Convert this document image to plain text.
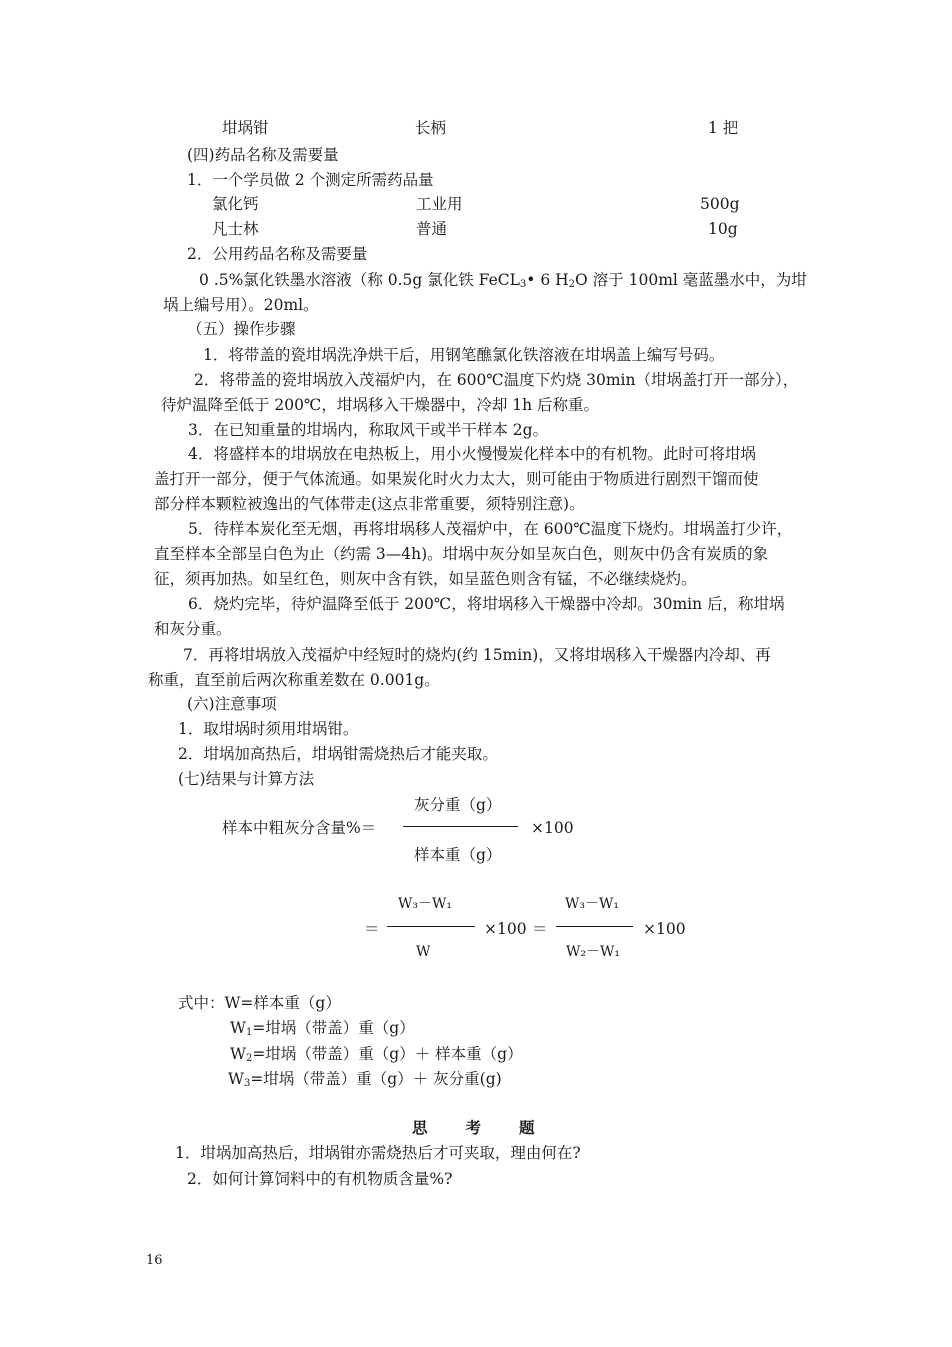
坩埚钳	长柄	1 把
(四)药品名称及需要量
1．一个学员做 2 个测定所需药品量
氯化钙	工业用	500g
凡士林	普通	10g
2．公用药品名称及需要量
0 .5%氯化铁墨水溶液（称 0.5g 氯化铁 FeCL$_3$• 6 $H_2O$ 溶于 100ml 毫蓝墨水中，为坩
埚上编号用）。20ml。
（五）操作步骤
1．将带盖的瓷坩埚洗净烘干后，用钢笔醮氯化铁溶液在坩埚盖上编写号码。
2．将带盖的瓷坩埚放入茂福炉内，在 600℃温度下灼烧 30min（坩埚盖打开一部分），
待炉温降至低于 200℃，坩埚移入干燥器中，冷却 1h 后称重。
3．在已知重量的坩埚内，称取风干或半干样本 2g。
4．将盛样本的坩埚放在电热板上，用小火慢慢炭化样本中的有机物。此时可将坩埚
盖打开一部分，便于气体流通。如果炭化时火力太大，则可能由于物质进行剧烈干馏而使
部分样本颗粒被逸出的气体带走(这点非常重要，须特别注意)。
5．待样本炭化至无烟，再将坩埚移人茂福炉中，在 600℃温度下烧灼。坩埚盖打少许，
直至样本全部呈白色为止（约需 3—4h)。坩埚中灰分如呈灰白色，则灰中仍含有炭质的象
征，须再加热。如呈红色，则灰中含有铁，如呈蓝色则含有锰，不必继续烧灼。
6．烧灼完毕，待炉温降至低于 200℃，将坩埚移入干燥器中冷却。30min 后，称坩埚
和灰分重。
7．再将坩埚放入茂福炉中经短时的烧灼(约 15min)，又将坩埚移入干燥器内冷却、再
称重，直至前后两次称重差数在 0.001g。
(六)注意事项
1．取坩埚时须用坩埚钳。
2．坩埚加高热后，坩埚钳需烧热后才能夹取。
(七)结果与计算方法
样本中粗灰分含量%＝
灰分重（g）
样本重（g）
×100
＝
W₃－W₁
W
×100 ＝
W₃－W₁
W₂－W₁
×100
式中：W=样本重（g）
$W_1=$坩埚（带盖）重（g）
$W_2=$坩埚（带盖）重（g）＋ 样本重（g）
$W_3=$坩埚（带盖）重（g）＋ 灰分重(g)
思考题
1．坩埚加高热后，坩埚钳亦需烧热后才可夹取，理由何在?
2．如何计算饲料中的有机物质含量%?
16
